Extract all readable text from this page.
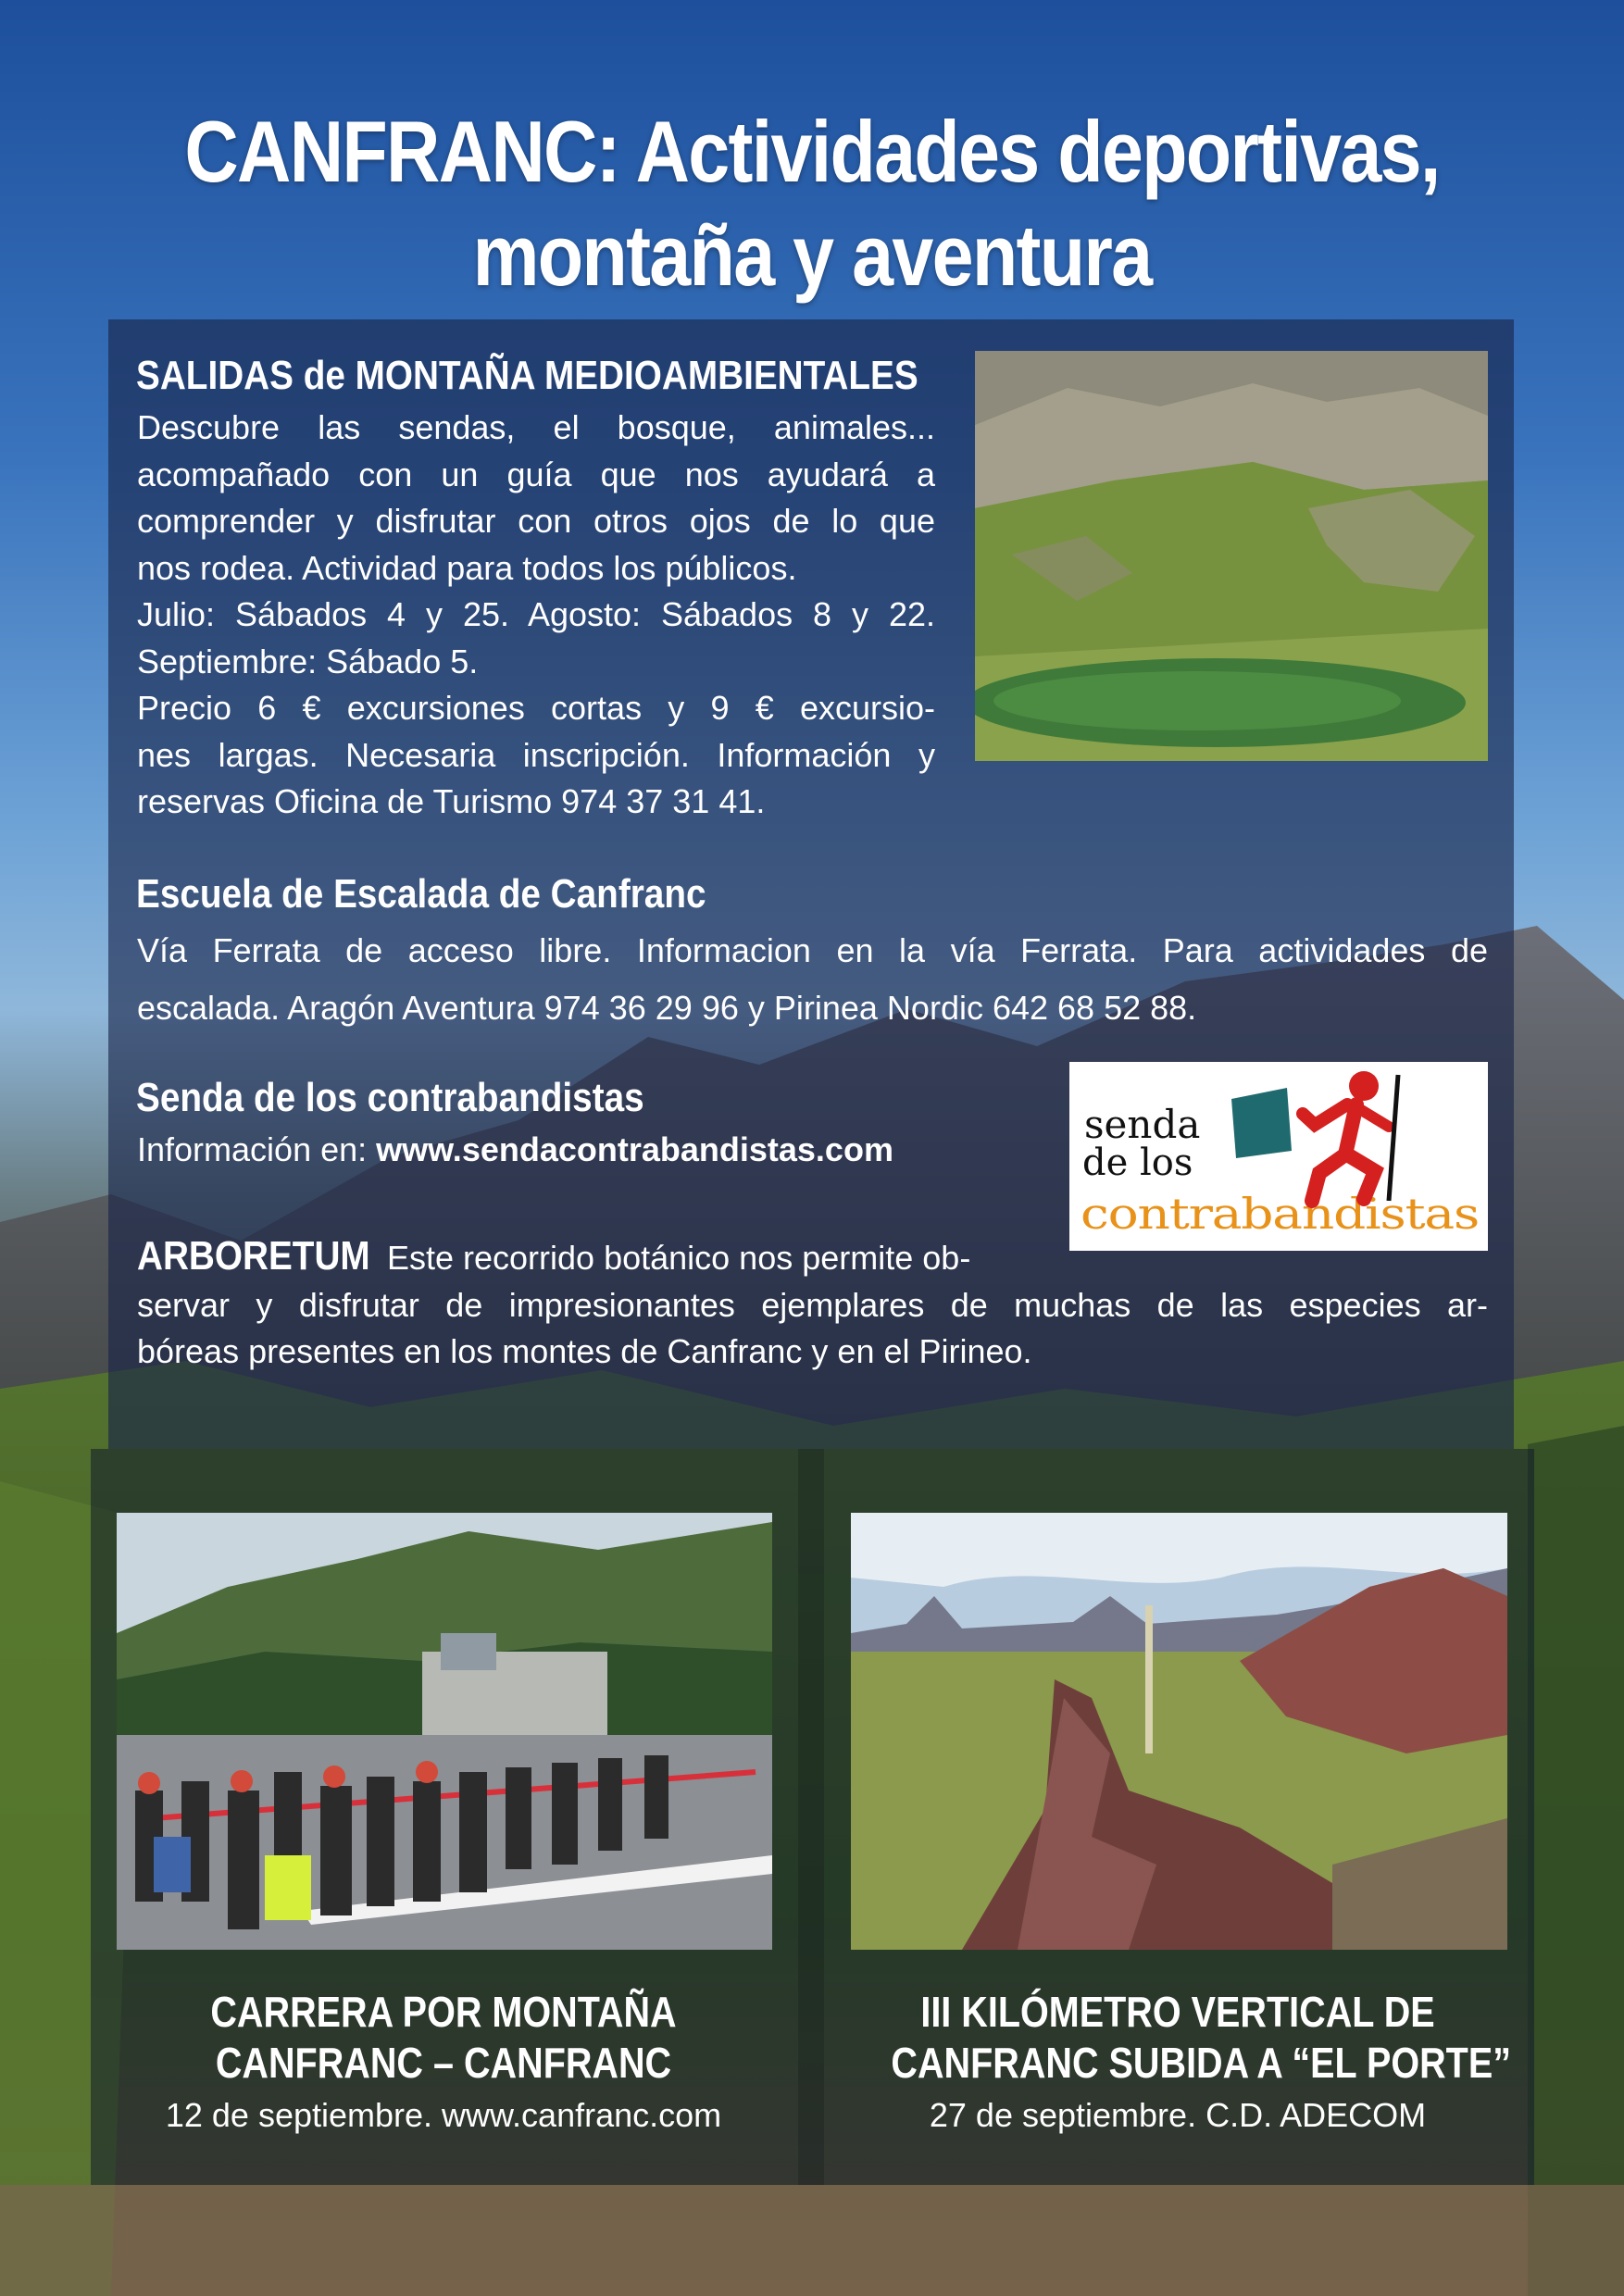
CANFRANC: Actividades deportivas,
montaña y aventura
SALIDAS de MONTAÑA MEDIOAMBIENTALES
Descubre las sendas, el bosque, animales...
acompañado con un guía que nos ayudará a
comprender y disfrutar con otros ojos de lo que
nos rodea. Actividad para todos los públicos.
Julio: Sábados 4 y 25. Agosto: Sábados 8 y 22.
Septiembre: Sábado 5.
Precio 6 € excursiones cortas y 9 € excursio-
nes largas. Necesaria inscripción. Información y
reservas Oficina de Turismo 974 37 31 41.
Escuela de Escalada de Canfranc
Vía Ferrata de acceso libre. Informacion en la vía Ferrata. Para actividades de
escalada. Aragón Aventura 974 36 29 96 y Pirinea Nordic 642 68 52 88.
Senda de los contrabandistas
Información en: www.sendacontrabandistas.com
senda
de los
contrabandistas
ARBORETUM Este recorrido botánico nos permite ob-
servar y disfrutar de impresionantes ejemplares de muchas de las especies ar-
bóreas presentes en los montes de Canfranc y en el Pirineo.
CARRERA POR MONTAÑA
CANFRANC – CANFRANC
12 de septiembre. www.canfranc.com
III KILÓMETRO VERTICAL DE
CANFRANC SUBIDA A “EL PORTE”
27 de septiembre. C.D. ADECOM
